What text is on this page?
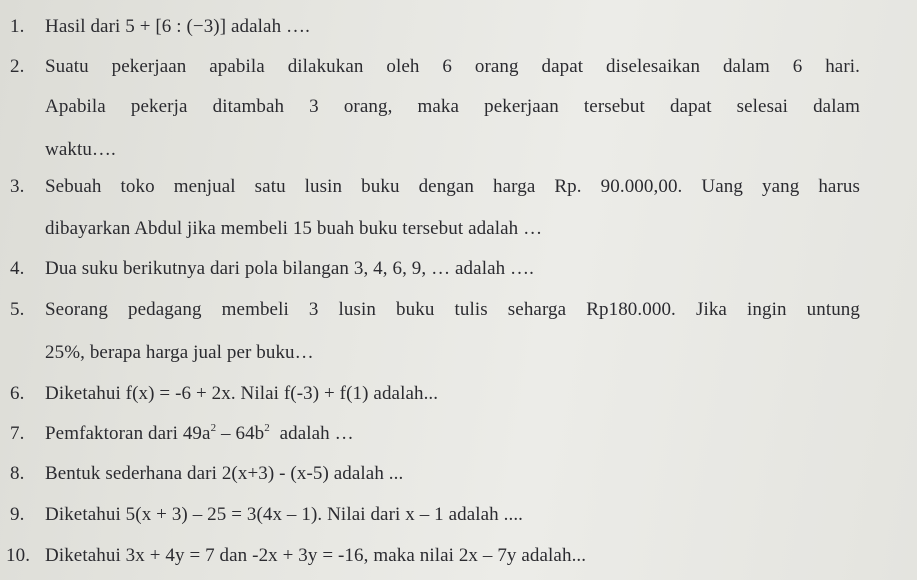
1. Hasil dari 5 + [6 : (−3)] adalah ….
2. Suatu pekerjaan apabila dilakukan oleh 6 orang dapat diselesaikan dalam 6 hari.
Apabila pekerja ditambah 3 orang, maka pekerjaan tersebut dapat selesai dalam
waktu….
3. Sebuah toko menjual satu lusin buku dengan harga Rp. 90.000,00. Uang yang harus
dibayarkan Abdul jika membeli 15 buah buku tersebut adalah …
4. Dua suku berikutnya dari pola bilangan 3, 4, 6, 9, … adalah ….
5. Seorang pedagang membeli 3 lusin buku tulis seharga Rp180.000. Jika ingin untung
25%, berapa harga jual per buku…
6. Diketahui f(x) = -6 + 2x. Nilai f(-3) + f(1) adalah...
7. Pemfaktoran dari $49a^2 - 64b^2$  adalah …
8. Bentuk sederhana dari 2(x+3) - (x-5) adalah ...
9. Diketahui 5(x + 3) – 25 = 3(4x – 1). Nilai dari x – 1 adalah ....
10. Diketahui 3x + 4y = 7 dan -2x + 3y = -16, maka nilai 2x – 7y adalah...
